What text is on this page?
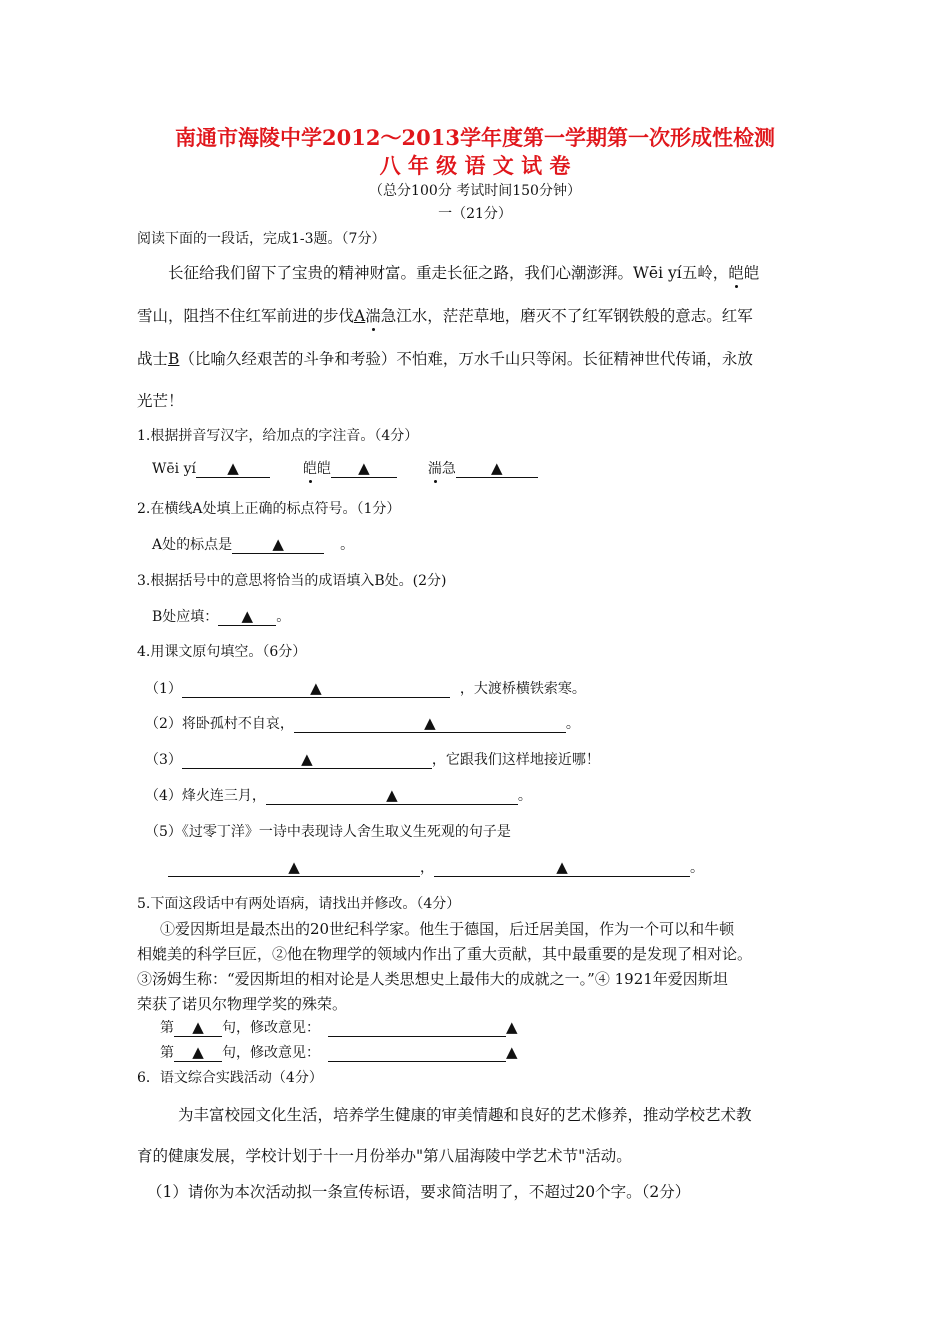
南通市海陵中学2012～2013学年度第一学期第一次形成性检测
八 年 级 语 文 试 卷
（总分100分 考试时间150分钟）
一（21分）
阅读下面的一段话，完成1-3题。（7分）
长征给我们留下了宝贵的精神财富。重走长征之路，我们心潮澎湃。Wēi yí五岭，皑皑
雪山，阻挡不住红军前进的步伐A湍急江水，茫茫草地，磨灭不了红军钢铁般的意志。红军
战士B（比喻久经艰苦的斗争和考验）不怕难，万水千山只等闲。长征精神世代传诵，永放
光芒！
1.根据拼音写汉字，给加点的字注音。（4分）
Wēi yí ▲	皑皑 ▲	湍急 ▲
2.在横线A处填上正确的标点符号。（1分）
A处的标点是	▲	。
3.根据括号中的意思将恰当的成语填入B处。(2分)
B处应填： ▲ 。
4.用课文原句填空。（6分）
（1）	▲	，大渡桥横铁索寒。
（2）将卧孤村不自哀，	▲	。
（3）	▲	，它跟我们这样地接近哪！
（4）烽火连三月，	▲	。
（5）《过零丁洋》一诗中表现诗人舍生取义生死观的句子是
▲	，	▲	。
5.下面这段话中有两处语病，请找出并修改。（4分）
①爱因斯坦是最杰出的20世纪科学家。他生于德国，后迁居美国，作为一个可以和牛顿
相媲美的科学巨匠，②他在物理学的领域内作出了重大贡献，其中最重要的是发现了相对论。
③汤姆生称：“爱因斯坦的相对论是人类思想史上最伟大的成就之一。”④ 1921年爱因斯坦
荣获了诺贝尔物理学奖的殊荣。
第 ▲ 句，修改意见：	▲
第 ▲ 句，修改意见：	▲
6．语文综合实践活动（4分）
为丰富校园文化生活，培养学生健康的审美情趣和良好的艺术修养，推动学校艺术教
育的健康发展，学校计划于十一月份举办"第八届海陵中学艺术节"活动。
（1）请你为本次活动拟一条宣传标语，要求简洁明了，不超过20个字。（2分）
